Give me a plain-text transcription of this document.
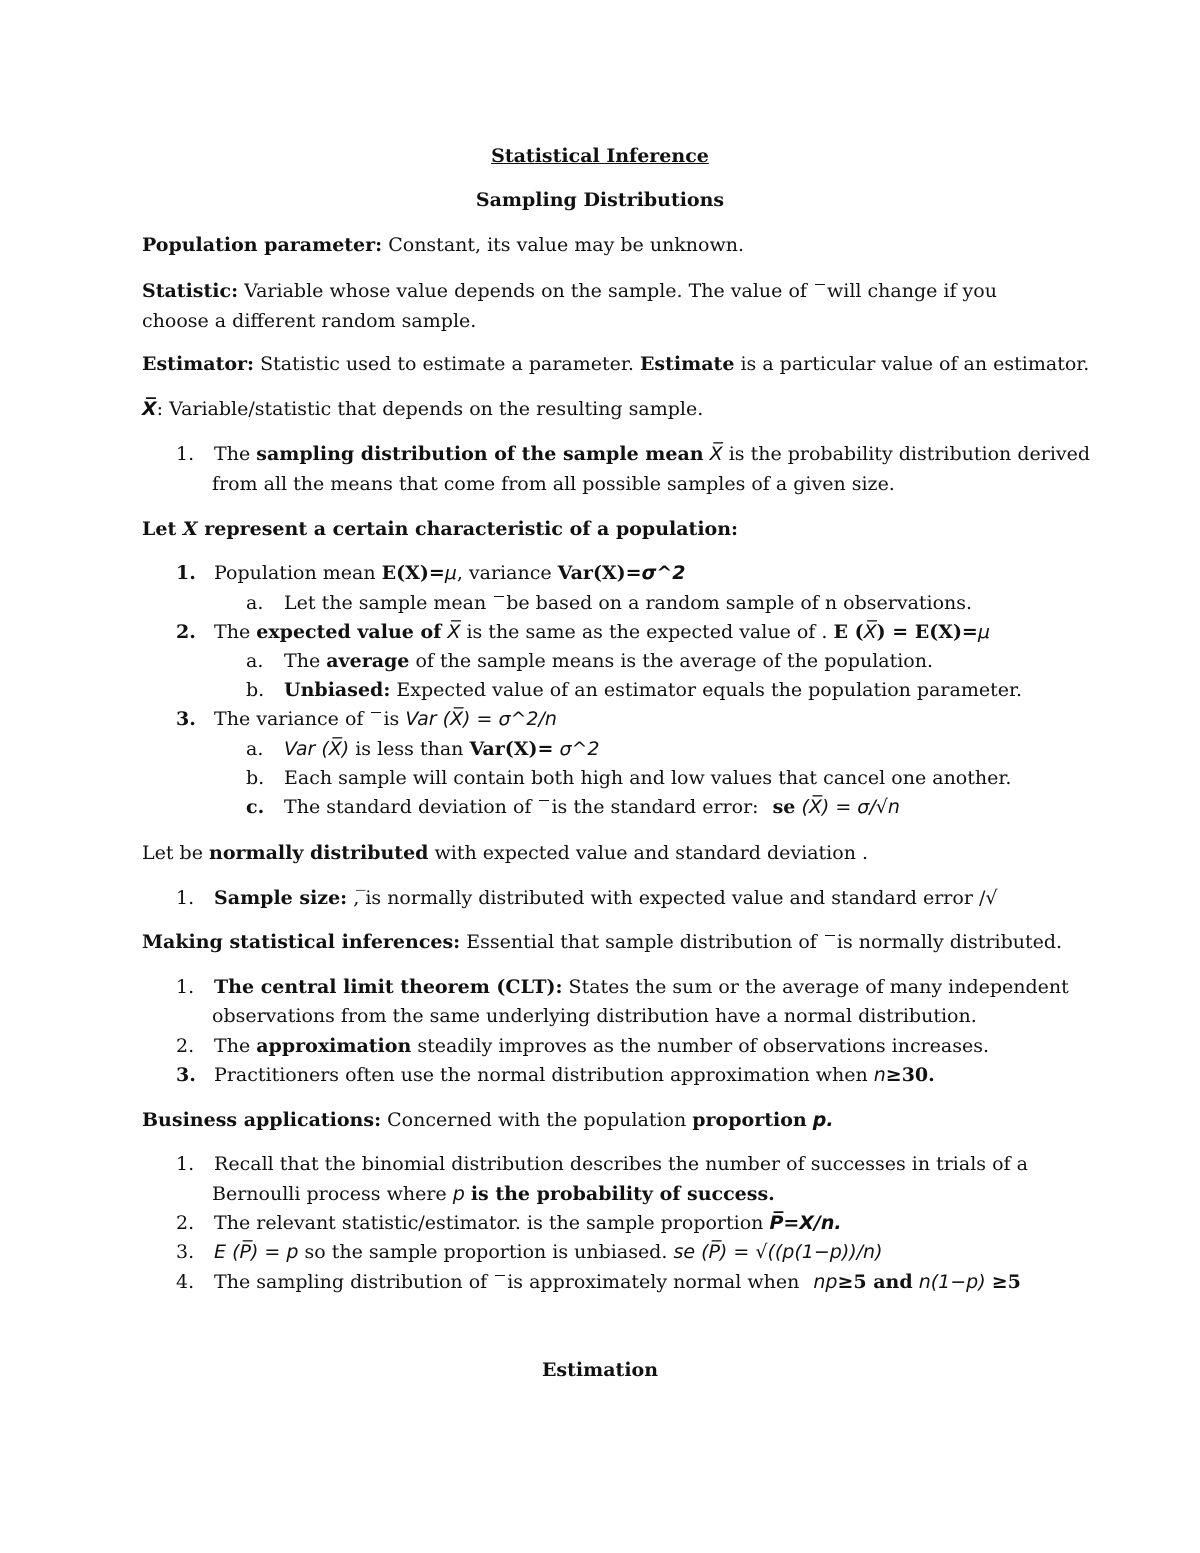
Statistical Inference
Sampling Distributions
Population parameter: Constant, its value may be unknown.
Statistic: Variable whose value depends on the sample. The value of will change if you
choose a different random sample.
Estimator: Statistic used to estimate a parameter. Estimate is a particular value of an estimator.
X̅: Variable/statistic that depends on the resulting sample.
1. The sampling distribution of the sample mean X̅ is the probability distribution derived
from all the means that come from all possible samples of a given size.
Let X represent a certain characteristic of a population:
1. Population mean E(X)=μ, variance Var(X)=σ^2
a. Let the sample mean be based on a random sample of n observations.
2. The expected value of X̅ is the same as the expected value of . E (X̅) = E(X)=μ
a. The average of the sample means is the average of the population.
b. Unbiased: Expected value of an estimator equals the population parameter.
3. The variance of is Var (X̅) = σ^2/n
a. Var (X̅) is less than Var(X)= σ^2
b. Each sample will contain both high and low values that cancel one another.
c. The standard deviation of is the standard error: se (X̅) = σ/√n
Let be normally distributed with expected value and standard deviation .
1. Sample size: , ̅is normally distributed with expected value and standard error /√
Making statistical inferences: Essential that sample distribution of is normally distributed.
1. The central limit theorem (CLT): States the sum or the average of many independent
observations from the same underlying distribution have a normal distribution.
2. The approximation steadily improves as the number of observations increases.
3. Practitioners often use the normal distribution approximation when n≥30.
Business applications: Concerned with the population proportion p.
1. Recall that the binomial distribution describes the number of successes in trials of a
Bernoulli process where p is the probability of success.
2. The relevant statistic/estimator. is the sample proportion P̅=X/n.
3. E (P̅) = p so the sample proportion is unbiased. se (P̅) = √((p(1−p))/n)
4. The sampling distribution of is approximately normal when np≥5 and n(1−p) ≥5
Estimation
